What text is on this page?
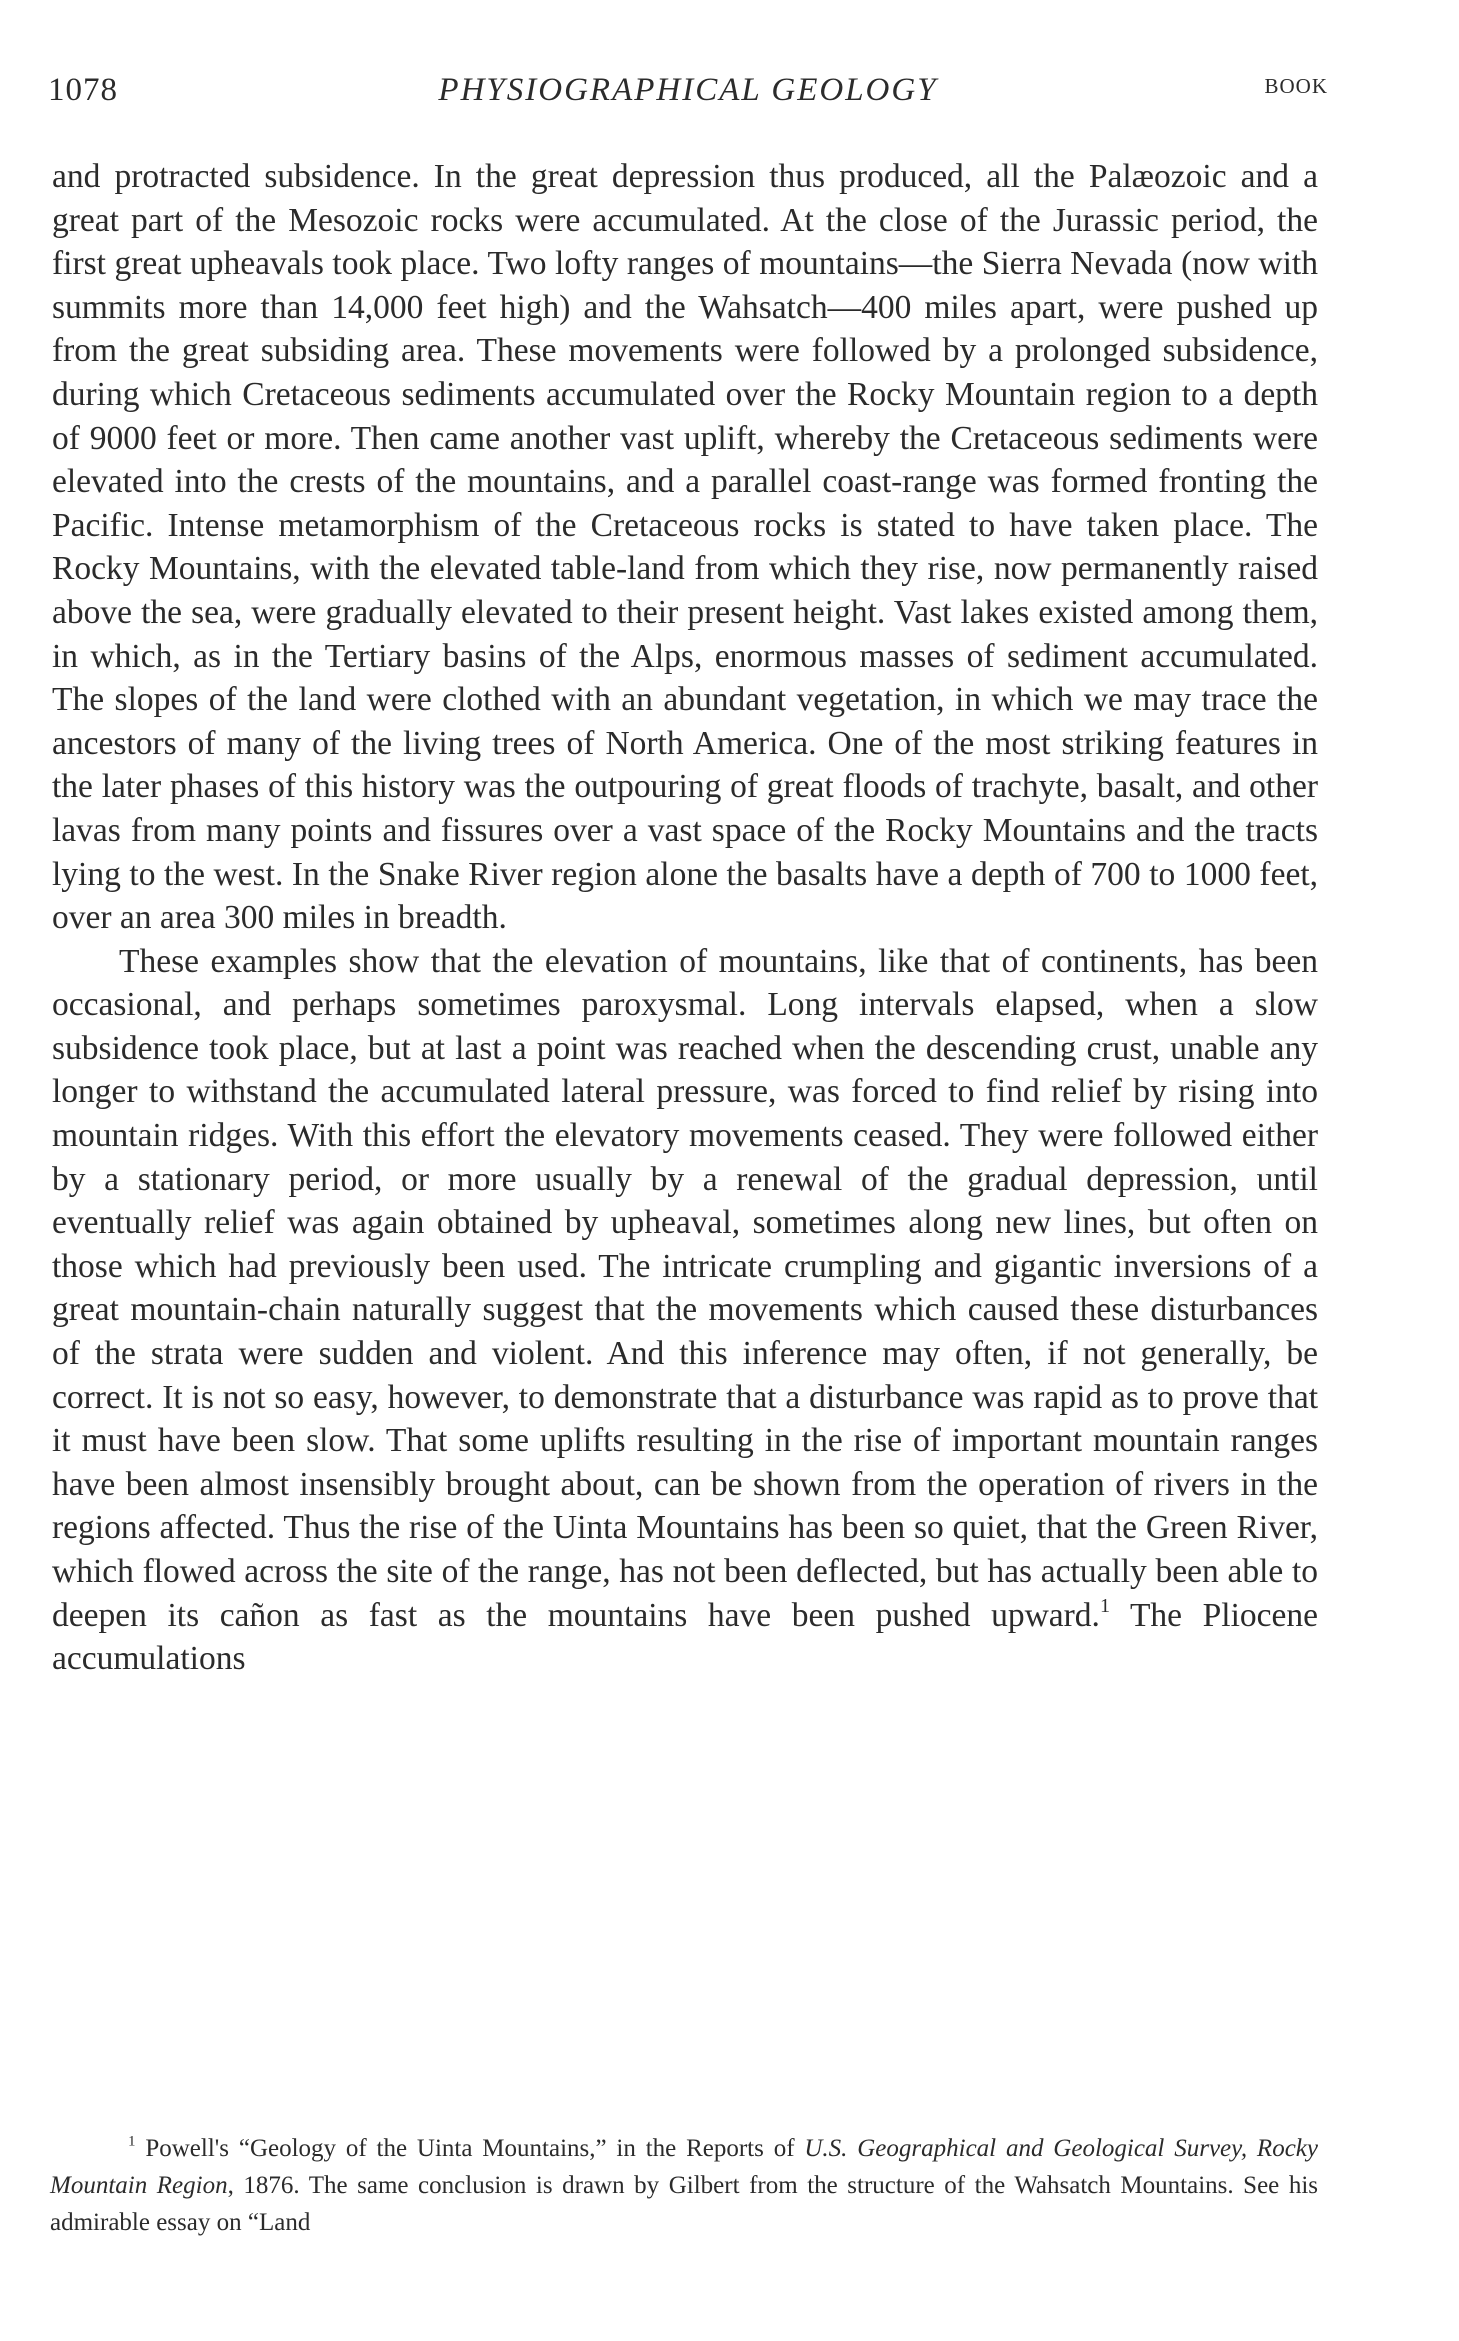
1078	PHYSIOGRAPHICAL GEOLOGY	BOOK

and protracted subsidence. In the great depression thus produced, all the Palæozoic and a great part of the Mesozoic rocks were accumulated. At the close of the Jurassic period, the first great upheavals took place. Two lofty ranges of mountains—the Sierra Nevada (now with summits more than 14,000 feet high) and the Wahsatch—400 miles apart, were pushed up from the great subsiding area. These movements were followed by a prolonged subsidence, during which Cretaceous sediments accumulated over the Rocky Mountain region to a depth of 9000 feet or more. Then came another vast uplift, whereby the Cretaceous sediments were elevated into the crests of the mountains, and a parallel coast-range was formed fronting the Pacific. Intense metamorphism of the Cretaceous rocks is stated to have taken place. The Rocky Mountains, with the elevated table-land from which they rise, now permanently raised above the sea, were gradually elevated to their present height. Vast lakes existed among them, in which, as in the Tertiary basins of the Alps, enormous masses of sediment accumulated. The slopes of the land were clothed with an abundant vegetation, in which we may trace the ancestors of many of the living trees of North America. One of the most striking features in the later phases of this history was the outpouring of great floods of trachyte, basalt, and other lavas from many points and fissures over a vast space of the Rocky Mountains and the tracts lying to the west. In the Snake River region alone the basalts have a depth of 700 to 1000 feet, over an area 300 miles in breadth.

These examples show that the elevation of mountains, like that of continents, has been occasional, and perhaps sometimes paroxysmal. Long intervals elapsed, when a slow subsidence took place, but at last a point was reached when the descending crust, unable any longer to withstand the accumulated lateral pressure, was forced to find relief by rising into mountain ridges. With this effort the elevatory movements ceased. They were followed either by a stationary period, or more usually by a renewal of the gradual depression, until eventually relief was again obtained by upheaval, sometimes along new lines, but often on those which had previously been used. The intricate crumpling and gigantic inversions of a great mountain-chain naturally suggest that the movements which caused these disturbances of the strata were sudden and violent. And this inference may often, if not generally, be correct. It is not so easy, however, to demonstrate that a disturbance was rapid as to prove that it must have been slow. That some uplifts resulting in the rise of important mountain ranges have been almost insensibly brought about, can be shown from the operation of rivers in the regions affected. Thus the rise of the Uinta Mountains has been so quiet, that the Green River, which flowed across the site of the range, has not been deflected, but has actually been able to deepen its cañon as fast as the mountains have been pushed upward.$^1$ The Pliocene accumulations

$^1$ Powell's “Geology of the Uinta Mountains,” in the Reports of U.S. Geographical and Geological Survey, Rocky Mountain Region, 1876. The same conclusion is drawn by Gilbert from the structure of the Wahsatch Mountains. See his admirable essay on “Land
